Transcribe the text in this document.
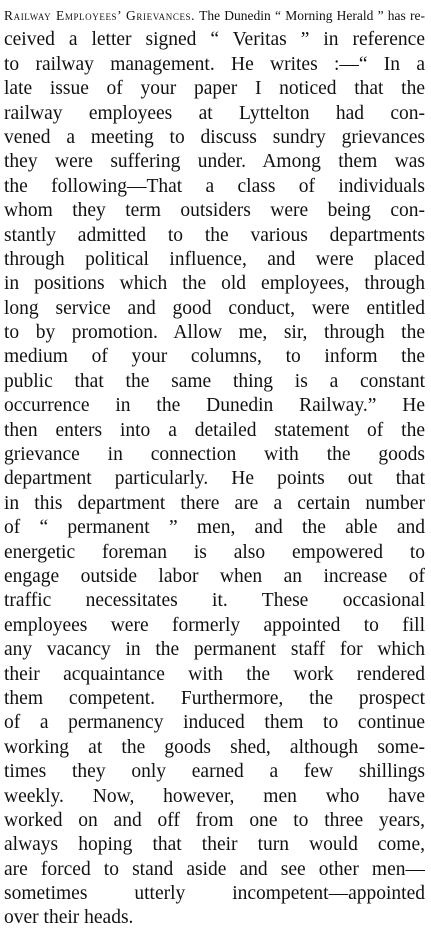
Railway Employees’ Grievances. The Dunedin “ Morning Herald ” has re-
ceived a letter signed “ Veritas ” in reference
to railway management. He writes :—“ In a
late issue of your paper I noticed that the
railway employees at Lyttelton had con-
vened a meeting to discuss sundry grievances
they were suffering under. Among them was
the following—That a class of individuals
whom they term outsiders were being con-
stantly admitted to the various departments
through political influence, and were placed
in positions which the old employees, through
long service and good conduct, were entitled
to by promotion. Allow me, sir, through the
medium of your columns, to inform the
public that the same thing is a constant
occurrence in the Dunedin Railway.” He
then enters into a detailed statement of the
grievance in connection with the goods
department particularly. He points out that
in this department there are a certain number
of “ permanent ” men, and the able and
energetic foreman is also empowered to
engage outside labor when an increase of
traffic necessitates it. These occasional
employees were formerly appointed to fill
any vacancy in the permanent staff for which
their acquaintance with the work rendered
them competent. Furthermore, the prospect
of a permanency induced them to continue
working at the goods shed, although some-
times they only earned a few shillings
weekly. Now, however, men who have
worked on and off from one to three years,
always hoping that their turn would come,
are forced to stand aside and see other men—
sometimes utterly incompetent—appointed
over their heads.
